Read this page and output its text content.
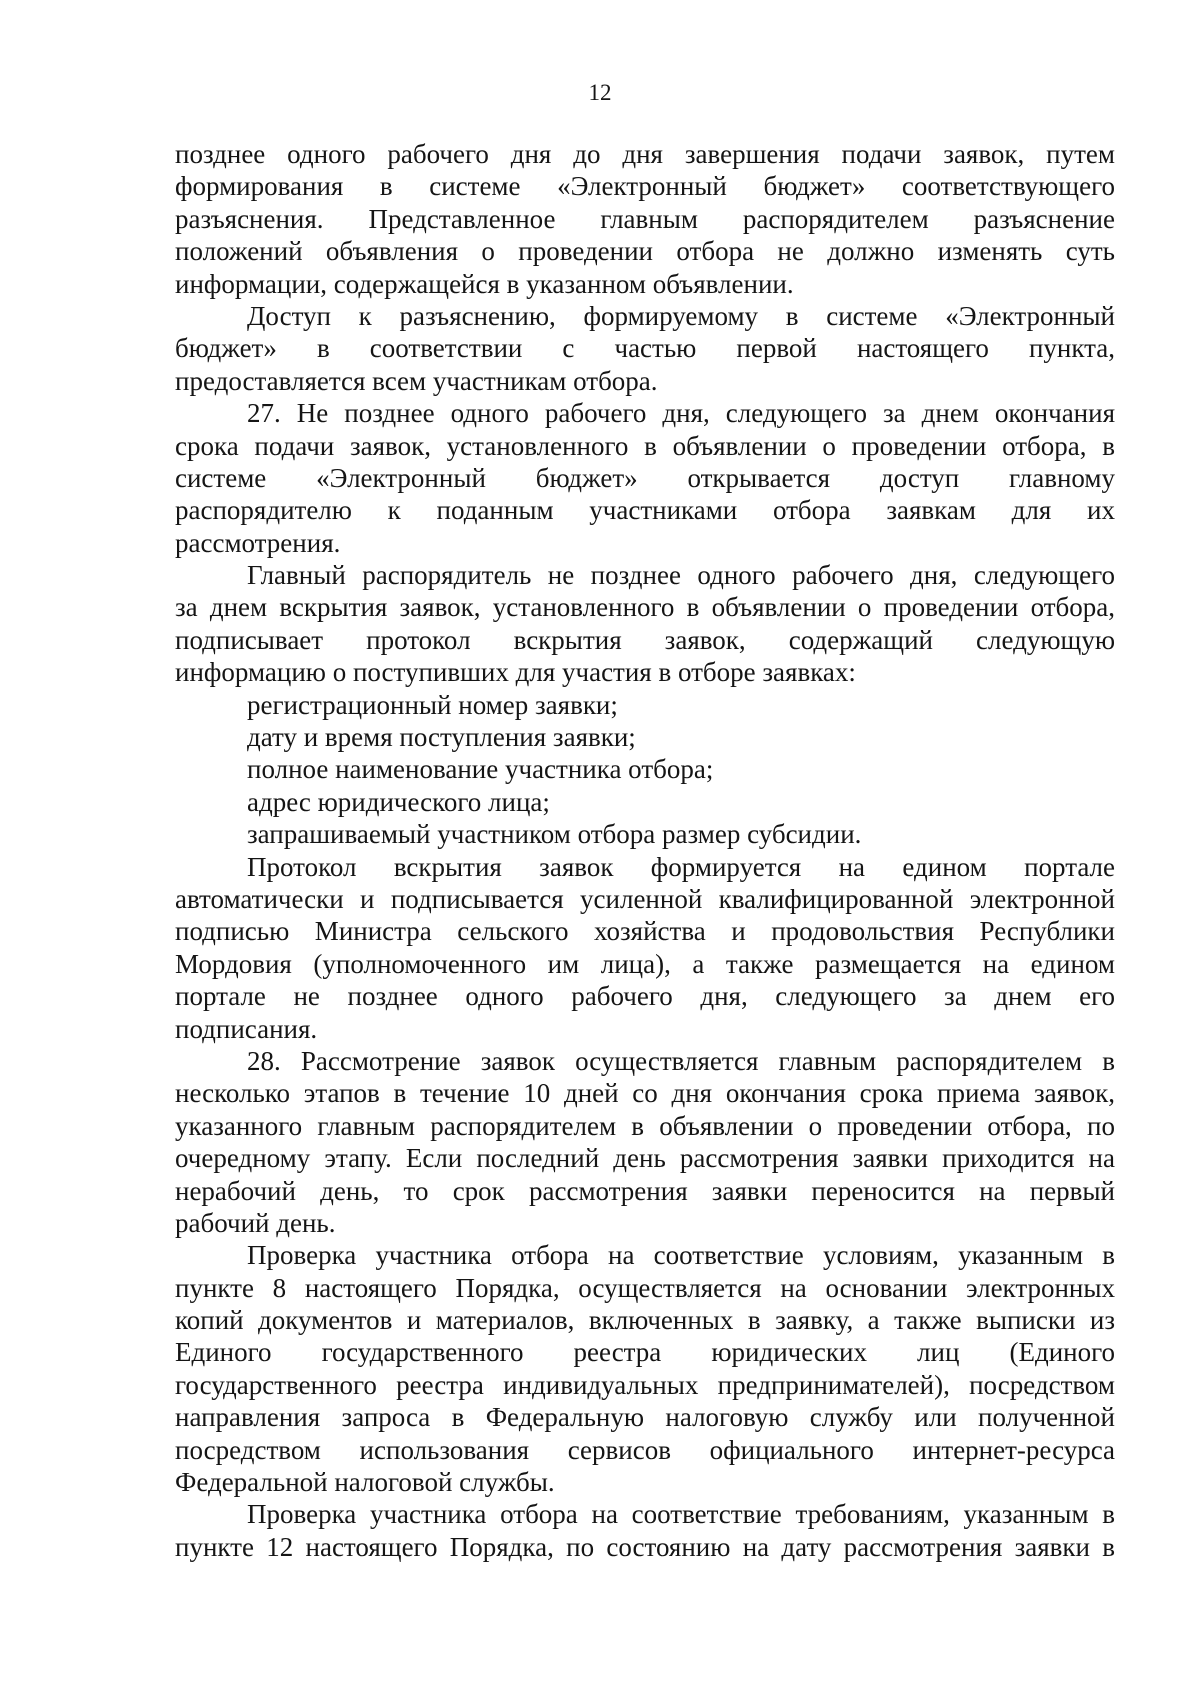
12
позднее одного рабочего дня до дня завершения подачи заявок, путем
формирования в системе «Электронный бюджет» соответствующего
разъяснения. Представленное главным распорядителем разъяснение
положений объявления о проведении отбора не должно изменять суть
информации, содержащейся в указанном объявлении.
Доступ к разъяснению, формируемому в системе «Электронный
бюджет» в соответствии с частью первой настоящего пункта,
предоставляется всем участникам отбора.
27. Не позднее одного рабочего дня, следующего за днем окончания
срока подачи заявок, установленного в объявлении о проведении отбора, в
системе «Электронный бюджет» открывается доступ главному
распорядителю к поданным участниками отбора заявкам для их
рассмотрения.
Главный распорядитель не позднее одного рабочего дня, следующего
за днем вскрытия заявок, установленного в объявлении о проведении отбора,
подписывает протокол вскрытия заявок, содержащий следующую
информацию о поступивших для участия в отборе заявках:
регистрационный номер заявки;
дату и время поступления заявки;
полное наименование участника отбора;
адрес юридического лица;
запрашиваемый участником отбора размер субсидии.
Протокол вскрытия заявок формируется на едином портале
автоматически и подписывается усиленной квалифицированной электронной
подписью Министра сельского хозяйства и продовольствия Республики
Мордовия (уполномоченного им лица), а также размещается на едином
портале не позднее одного рабочего дня, следующего за днем его
подписания.
28. Рассмотрение заявок осуществляется главным распорядителем в
несколько этапов в течение 10 дней со дня окончания срока приема заявок,
указанного главным распорядителем в объявлении о проведении отбора, по
очередному этапу. Если последний день рассмотрения заявки приходится на
нерабочий день, то срок рассмотрения заявки переносится на первый
рабочий день.
Проверка участника отбора на соответствие условиям, указанным в
пункте 8 настоящего Порядка, осуществляется на основании электронных
копий документов и материалов, включенных в заявку, а также выписки из
Единого государственного реестра юридических лиц (Единого
государственного реестра индивидуальных предпринимателей), посредством
направления запроса в Федеральную налоговую службу или полученной
посредством использования сервисов официального интернет-ресурса
Федеральной налоговой службы.
Проверка участника отбора на соответствие требованиям, указанным в
пункте 12 настоящего Порядка, по состоянию на дату рассмотрения заявки в
